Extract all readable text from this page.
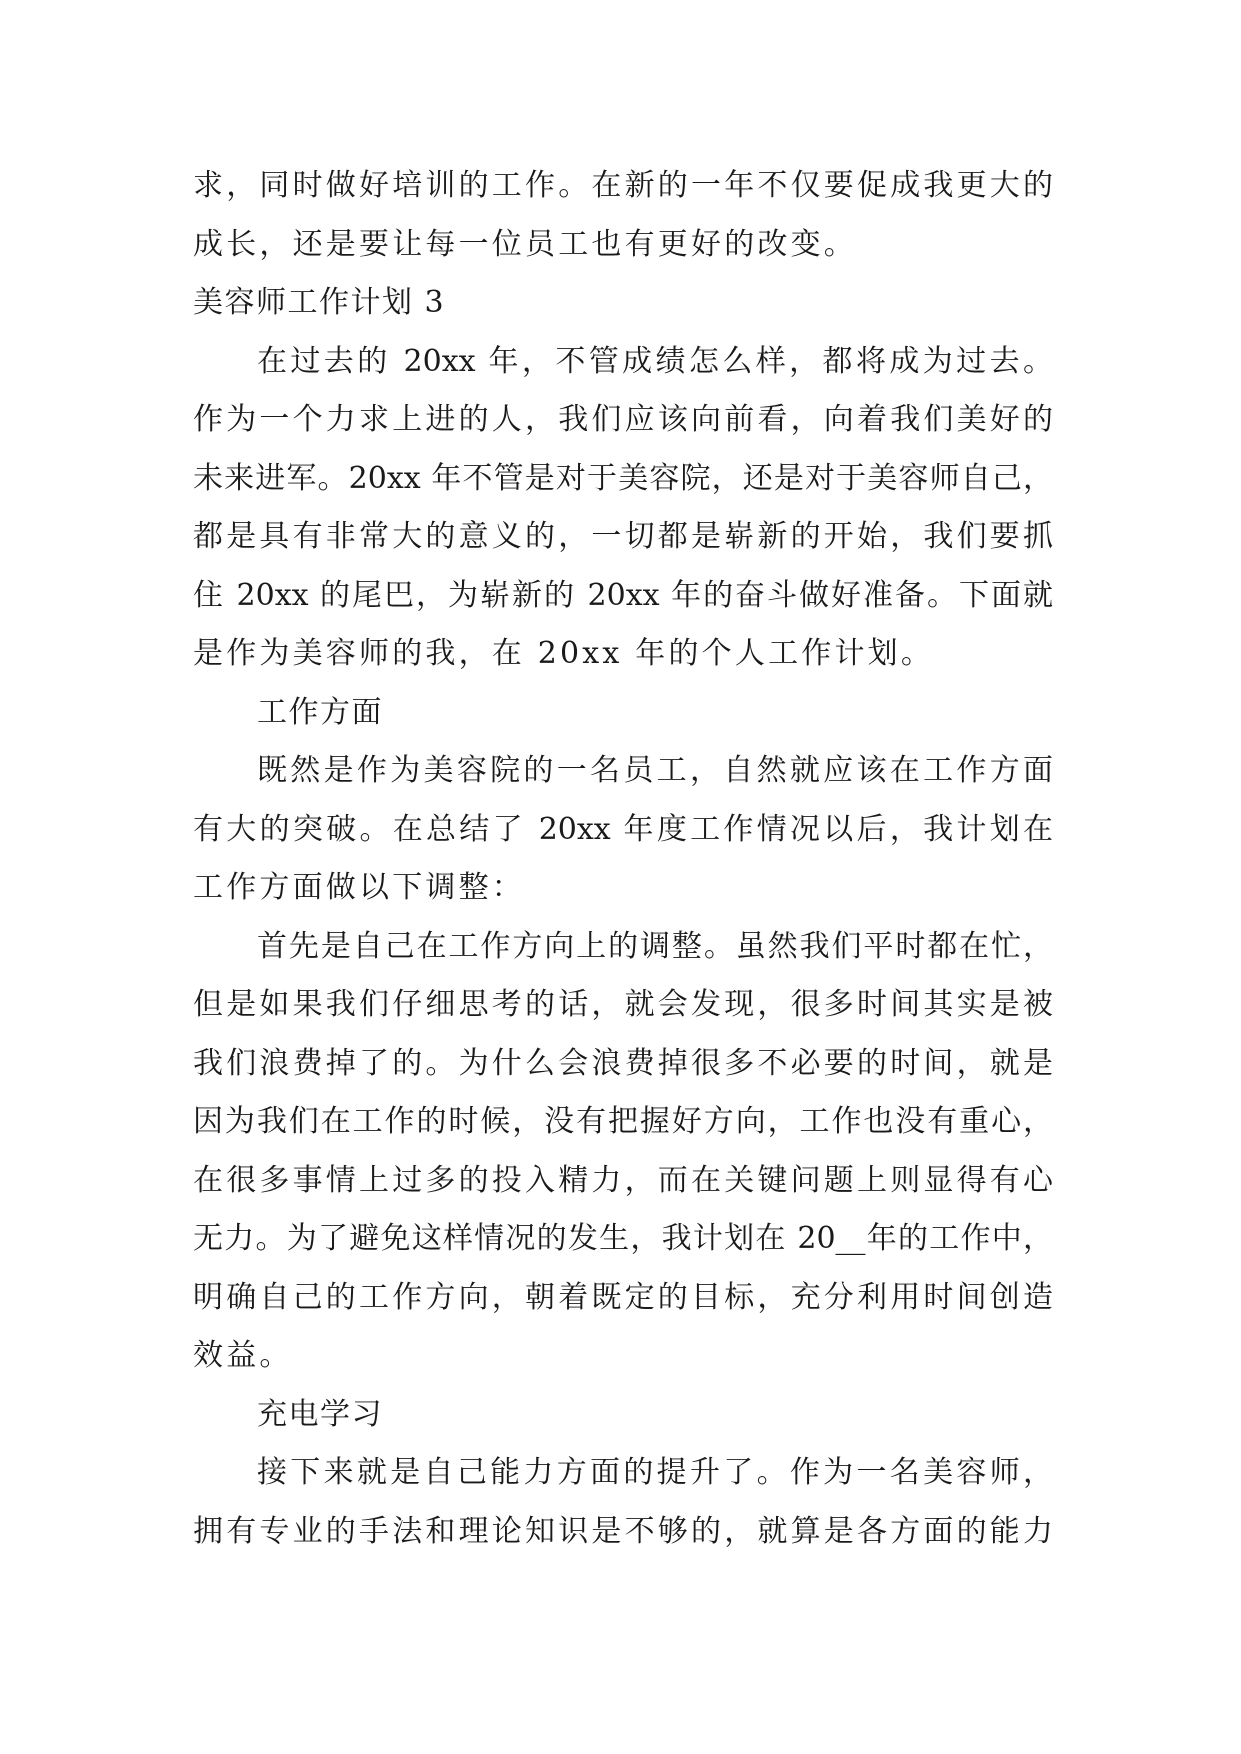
求，同时做好培训的工作。在新的一年不仅要促成我更大的
成长，还是要让每一位员工也有更好的改变。
美容师工作计划 3
在过去的 20xx 年，不管成绩怎么样，都将成为过去。
作为一个力求上进的人，我们应该向前看，向着我们美好的
未来进军。20xx 年不管是对于美容院，还是对于美容师自己，
都是具有非常大的意义的，一切都是崭新的开始，我们要抓
住 20xx 的尾巴，为崭新的 20xx 年的奋斗做好准备。下面就
是作为美容师的我，在 20xx 年的个人工作计划。
工作方面
既然是作为美容院的一名员工，自然就应该在工作方面
有大的突破。在总结了 20xx 年度工作情况以后，我计划在
工作方面做以下调整：
首先是自己在工作方向上的调整。虽然我们平时都在忙，
但是如果我们仔细思考的话，就会发现，很多时间其实是被
我们浪费掉了的。为什么会浪费掉很多不必要的时间，就是
因为我们在工作的时候，没有把握好方向，工作也没有重心，
在很多事情上过多的投入精力，而在关键问题上则显得有心
无力。为了避免这样情况的发生，我计划在 20__年的工作中，
明确自己的工作方向，朝着既定的目标，充分利用时间创造
效益。
充电学习
接下来就是自己能力方面的提升了。作为一名美容师，
拥有专业的手法和理论知识是不够的，就算是各方面的能力
